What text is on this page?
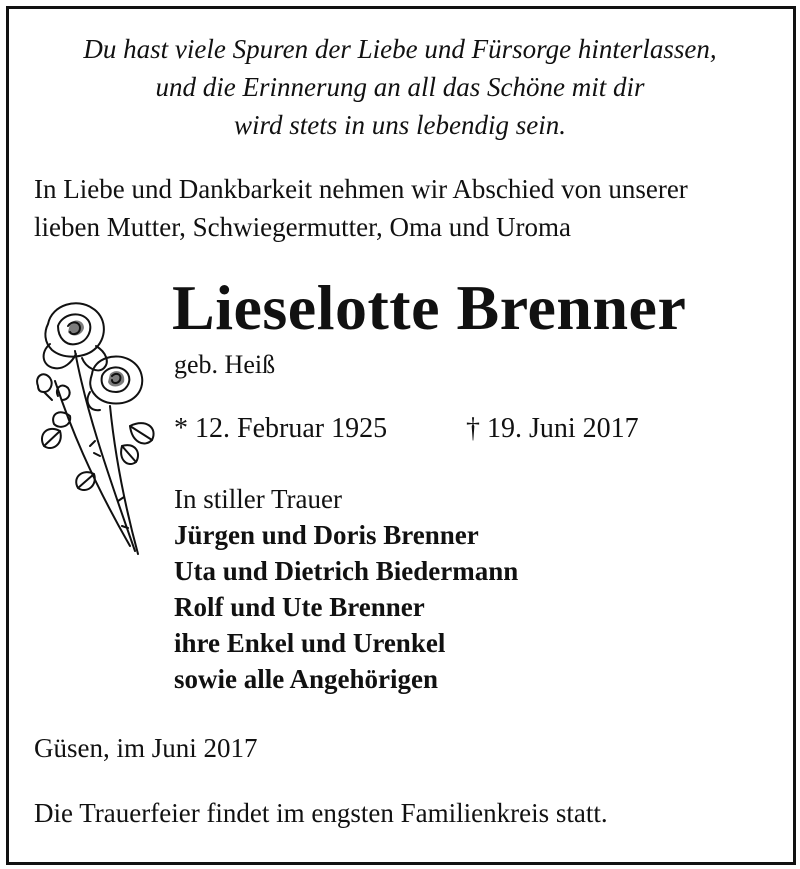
Du hast viele Spuren der Liebe und Fürsorge hinterlassen,
und die Erinnerung an all das Schöne mit dir
wird stets in uns lebendig sein.
In Liebe und Dankbarkeit nehmen wir Abschied von unserer
lieben Mutter, Schwiegermutter, Oma und Uroma
Lieselotte Brenner
geb. Heiß
* 12. Februar 1925	† 19. Juni 2017
In stiller Trauer
Jürgen und Doris Brenner
Uta und Dietrich Biedermann
Rolf und Ute Brenner
ihre Enkel und Urenkel
sowie alle Angehörigen
Güsen, im Juni 2017
Die Trauerfeier findet im engsten Familienkreis statt.
